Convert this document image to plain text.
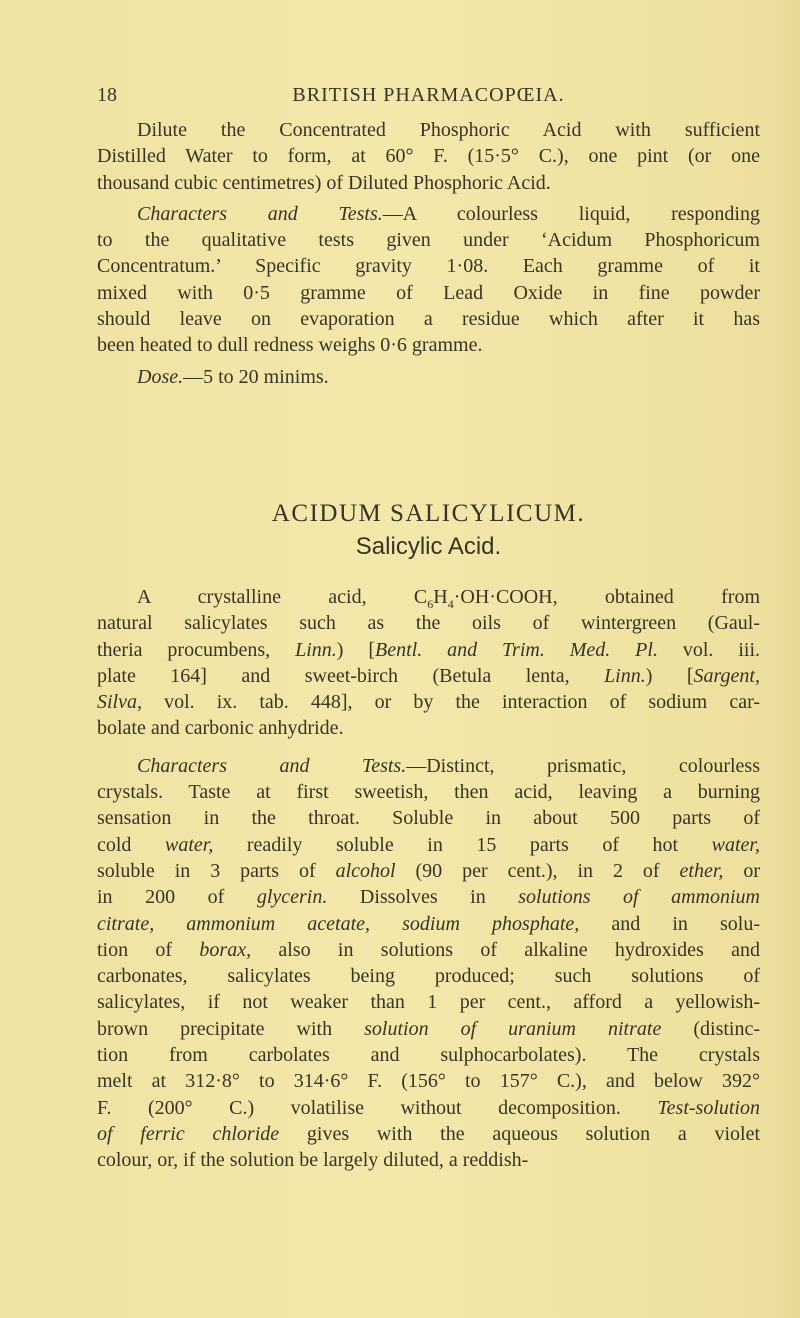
18	BRITISH PHARMACOPŒIA.
Dilute the Concentrated Phosphoric Acid with sufficient
Distilled Water to form, at 60° F. (15·5° C.), one pint (or one
thousand cubic centimetres) of Diluted Phosphoric Acid.
Characters and Tests.—A colourless liquid, responding
to the qualitative tests given under ‘Acidum Phosphoricum
Concentratum.’ Specific gravity 1·08. Each gramme of it
mixed with 0·5 gramme of Lead Oxide in fine powder
should leave on evaporation a residue which after it has
been heated to dull redness weighs 0·6 gramme.
Dose.—5 to 20 minims.
ACIDUM SALICYLICUM.
Salicylic Acid.
A crystalline acid, $C_6H_4\cdot OH\cdot COOH$, obtained from
natural salicylates such as the oils of wintergreen (Gaul-
theria procumbens, Linn.) [Bentl. and Trim. Med. Pl. vol. iii.
plate 164] and sweet-birch (Betula lenta, Linn.) [Sargent,
Silva, vol. ix. tab. 448], or by the interaction of sodium car-
bolate and carbonic anhydride.
Characters and Tests.—Distinct, prismatic, colourless
crystals. Taste at first sweetish, then acid, leaving a burning
sensation in the throat. Soluble in about 500 parts of
cold water, readily soluble in 15 parts of hot water,
soluble in 3 parts of alcohol (90 per cent.), in 2 of ether, or
in 200 of glycerin. Dissolves in solutions of ammonium
citrate, ammonium acetate, sodium phosphate, and in solu-
tion of borax, also in solutions of alkaline hydroxides and
carbonates, salicylates being produced; such solutions of
salicylates, if not weaker than 1 per cent., afford a yellowish-
brown precipitate with solution of uranium nitrate (distinc-
tion from carbolates and sulphocarbolates). The crystals
melt at 312·8° to 314·6° F. (156° to 157° C.), and below 392°
F. (200° C.) volatilise without decomposition. Test-solution
of ferric chloride gives with the aqueous solution a violet
colour, or, if the solution be largely diluted, a reddish-
